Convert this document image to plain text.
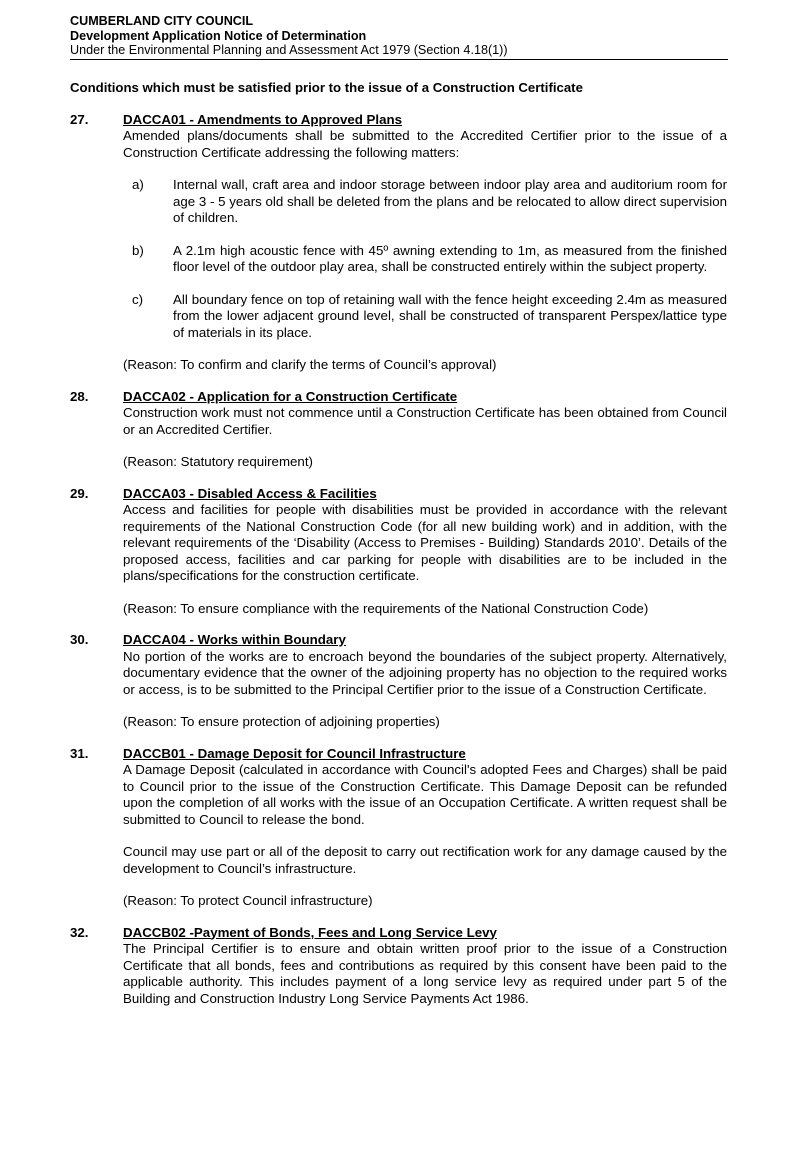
CUMBERLAND CITY COUNCIL
Development Application Notice of Determination
Under the Environmental Planning and Assessment Act 1979 (Section 4.18(1))
Conditions which must be satisfied prior to the issue of a Construction Certificate
27.	DACCA01 - Amendments to Approved Plans
Amended plans/documents shall be submitted to the Accredited Certifier prior to the issue of a Construction Certificate addressing the following matters:
a) Internal wall, craft area and indoor storage between indoor play area and auditorium room for age 3 - 5 years old shall be deleted from the plans and be relocated to allow direct supervision of children.
b) A 2.1m high acoustic fence with 45º awning extending to 1m, as measured from the finished floor level of the outdoor play area, shall be constructed entirely within the subject property.
c) All boundary fence on top of retaining wall with the fence height exceeding 2.4m as measured from the lower adjacent ground level, shall be constructed of transparent Perspex/lattice type of materials in its place.
(Reason: To confirm and clarify the terms of Council’s approval)
28.	DACCA02 - Application for a Construction Certificate
Construction work must not commence until a Construction Certificate has been obtained from Council or an Accredited Certifier.
(Reason: Statutory requirement)
29.	DACCA03 - Disabled Access & Facilities
Access and facilities for people with disabilities must be provided in accordance with the relevant requirements of the National Construction Code (for all new building work) and in addition, with the relevant requirements of the ‘Disability (Access to Premises - Building) Standards 2010’. Details of the proposed access, facilities and car parking for people with disabilities are to be included in the plans/specifications for the construction certificate.
(Reason: To ensure compliance with the requirements of the National Construction Code)
30.	DACCA04 - Works within Boundary
No portion of the works are to encroach beyond the boundaries of the subject property. Alternatively, documentary evidence that the owner of the adjoining property has no objection to the required works or access, is to be submitted to the Principal Certifier prior to the issue of a Construction Certificate.
(Reason: To ensure protection of adjoining properties)
31.	DACCB01 - Damage Deposit for Council Infrastructure
A Damage Deposit (calculated in accordance with Council's adopted Fees and Charges) shall be paid to Council prior to the issue of the Construction Certificate. This Damage Deposit can be refunded upon the completion of all works with the issue of an Occupation Certificate. A written request shall be submitted to Council to release the bond.
Council may use part or all of the deposit to carry out rectification work for any damage caused by the development to Council’s infrastructure.
(Reason: To protect Council infrastructure)
32.	DACCB02 -Payment of Bonds, Fees and Long Service Levy
The Principal Certifier is to ensure and obtain written proof prior to the issue of a Construction Certificate that all bonds, fees and contributions as required by this consent have been paid to the applicable authority. This includes payment of a long service levy as required under part 5 of the Building and Construction Industry Long Service Payments Act 1986.
